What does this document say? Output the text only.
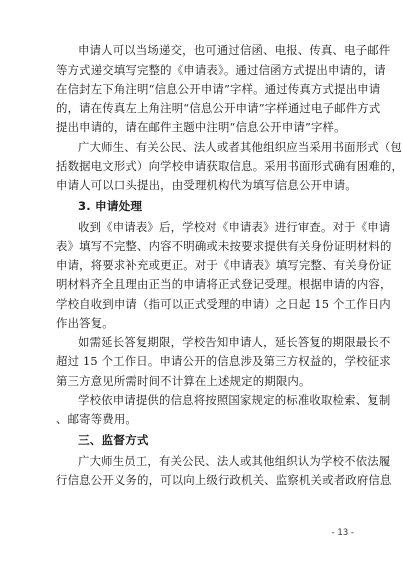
申请人可以当场递交，也可通过信函、电报、传真、电子邮件
等方式递交填写完整的《申请表》。通过信函方式提出申请的，请
在信封左下角注明“信息公开申请”字样。通过传真方式提出申请
的，请在传真左上角注明“信息公开申请”字样通过电子邮件方式
提出申请的，请在邮件主题中注明“信息公开申请”字样。
广大师生、有关公民、法人或者其他组织应当采用书面形式（包
括数据电文形式）向学校申请获取信息。采用书面形式确有困难的，
申请人可以口头提出，由受理机构代为填写信息公开申请。
3. 申请处理
收到《申请表》后，学校对《申请表》进行审查。对于《申请
表》填写不完整、内容不明确或未按要求提供有关身份证明材料的
申请，将要求补充或更正。对于《申请表》填写完整、有关身份证
明材料齐全且理由正当的申请将正式登记受理。根据申请的内容，
学校自收到申请（指可以正式受理的申请）之日起 15 个工作日内
作出答复。
如需延长答复期限，学校告知申请人，延长答复的期限最长不
超过 15 个工作日。申请公开的信息涉及第三方权益的，学校征求
第三方意见所需时间不计算在上述规定的期限内。
学校依申请提供的信息将按照国家规定的标准收取检索、复制
、邮寄等费用。
三、监督方式
广大师生员工，有关公民、法人或其他组织认为学校不依法履
行信息公开义务的，可以向上级行政机关、监察机关或者政府信息
- 13 -
